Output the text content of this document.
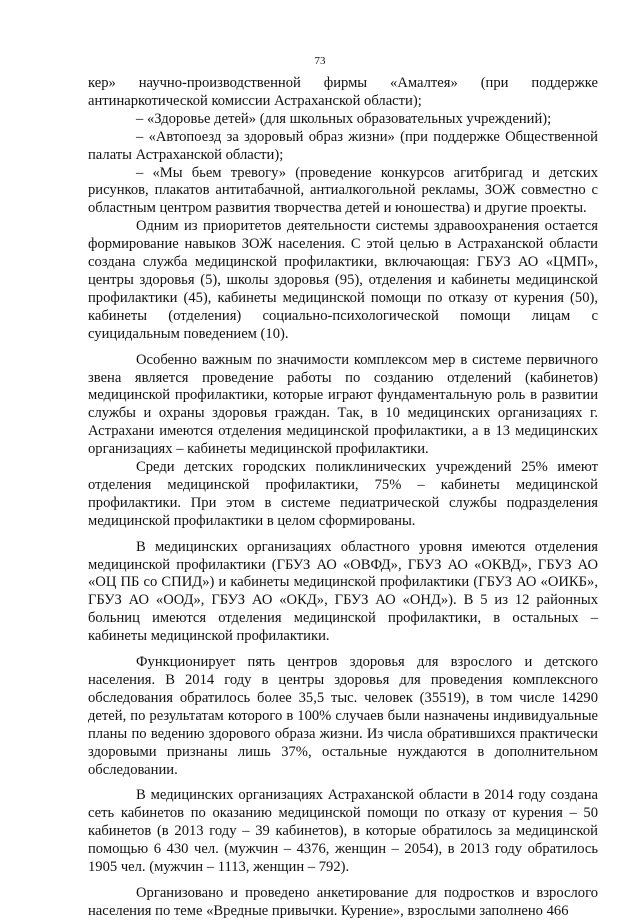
73

кер» научно-производственной фирмы «Амалтея» (при поддержке антинаркотической комиссии Астраханской области);

– «Здоровье детей» (для школьных образовательных учреждений);

– «Автопоезд за здоровый образ жизни» (при поддержке Общественной палаты Астраханской области);

– «Мы бьем тревогу» (проведение конкурсов агитбригад и детских рисунков, плакатов антитабачной, антиалкогольной рекламы, ЗОЖ совместно с областным центром развития творчества детей и юношества) и другие проекты.

Одним из приоритетов деятельности системы здравоохранения остается формирование навыков ЗОЖ населения. С этой целью в Астраханской области создана служба медицинской профилактики, включающая: ГБУЗ АО «ЦМП», центры здоровья (5), школы здоровья (95), отделения и кабинеты медицинской профилактики (45), кабинеты медицинской помощи по отказу от курения (50), кабинеты (отделения) социально-психологической помощи лицам с суицидальным поведением (10).

Особенно важным по значимости комплексом мер в системе первичного звена является проведение работы по созданию отделений (кабинетов) медицинской профилактики, которые играют фундаментальную роль в развитии службы и охраны здоровья граждан. Так, в 10 медицинских организациях г. Астрахани имеются отделения медицинской профилактики, а в 13 медицинских организациях – кабинеты медицинской профилактики.

Среди детских городских поликлинических учреждений 25% имеют отделения медицинской профилактики, 75% – кабинеты медицинской профилактики. При этом в системе педиатрической службы подразделения медицинской профилактики в целом сформированы.

В медицинских организациях областного уровня имеются отделения медицинской профилактики (ГБУЗ АО «ОВФД», ГБУЗ АО «ОКВД», ГБУЗ АО «ОЦ ПБ со СПИД») и кабинеты медицинской профилактики (ГБУЗ АО «ОИКБ», ГБУЗ АО «ООД», ГБУЗ АО «ОКД», ГБУЗ АО «ОНД»). В 5 из 12 районных больниц имеются отделения медицинской профилактики, в остальных – кабинеты медицинской профилактики.

Функционирует пять центров здоровья для взрослого и детского населения. В 2014 году в центры здоровья для проведения комплексного обследования обратилось более 35,5 тыс. человек (35519), в том числе 14290 детей, по результатам которого в 100% случаев были назначены индивидуальные планы по ведению здорового образа жизни. Из числа обратившихся практически здоровыми признаны лишь 37%, остальные нуждаются в дополнительном обследовании.

В медицинских организациях Астраханской области в 2014 году создана сеть кабинетов по оказанию медицинской помощи по отказу от курения – 50 кабинетов (в 2013 году – 39 кабинетов), в которые обратилось за медицинской помощью 6 430 чел. (мужчин – 4376, женщин – 2054), в 2013 году обратилось 1905 чел. (мужчин – 1113, женщин – 792).

Организовано и проведено анкетирование для подростков и взрослого населения по теме «Вредные привычки. Курение», взрослыми заполнено 466
